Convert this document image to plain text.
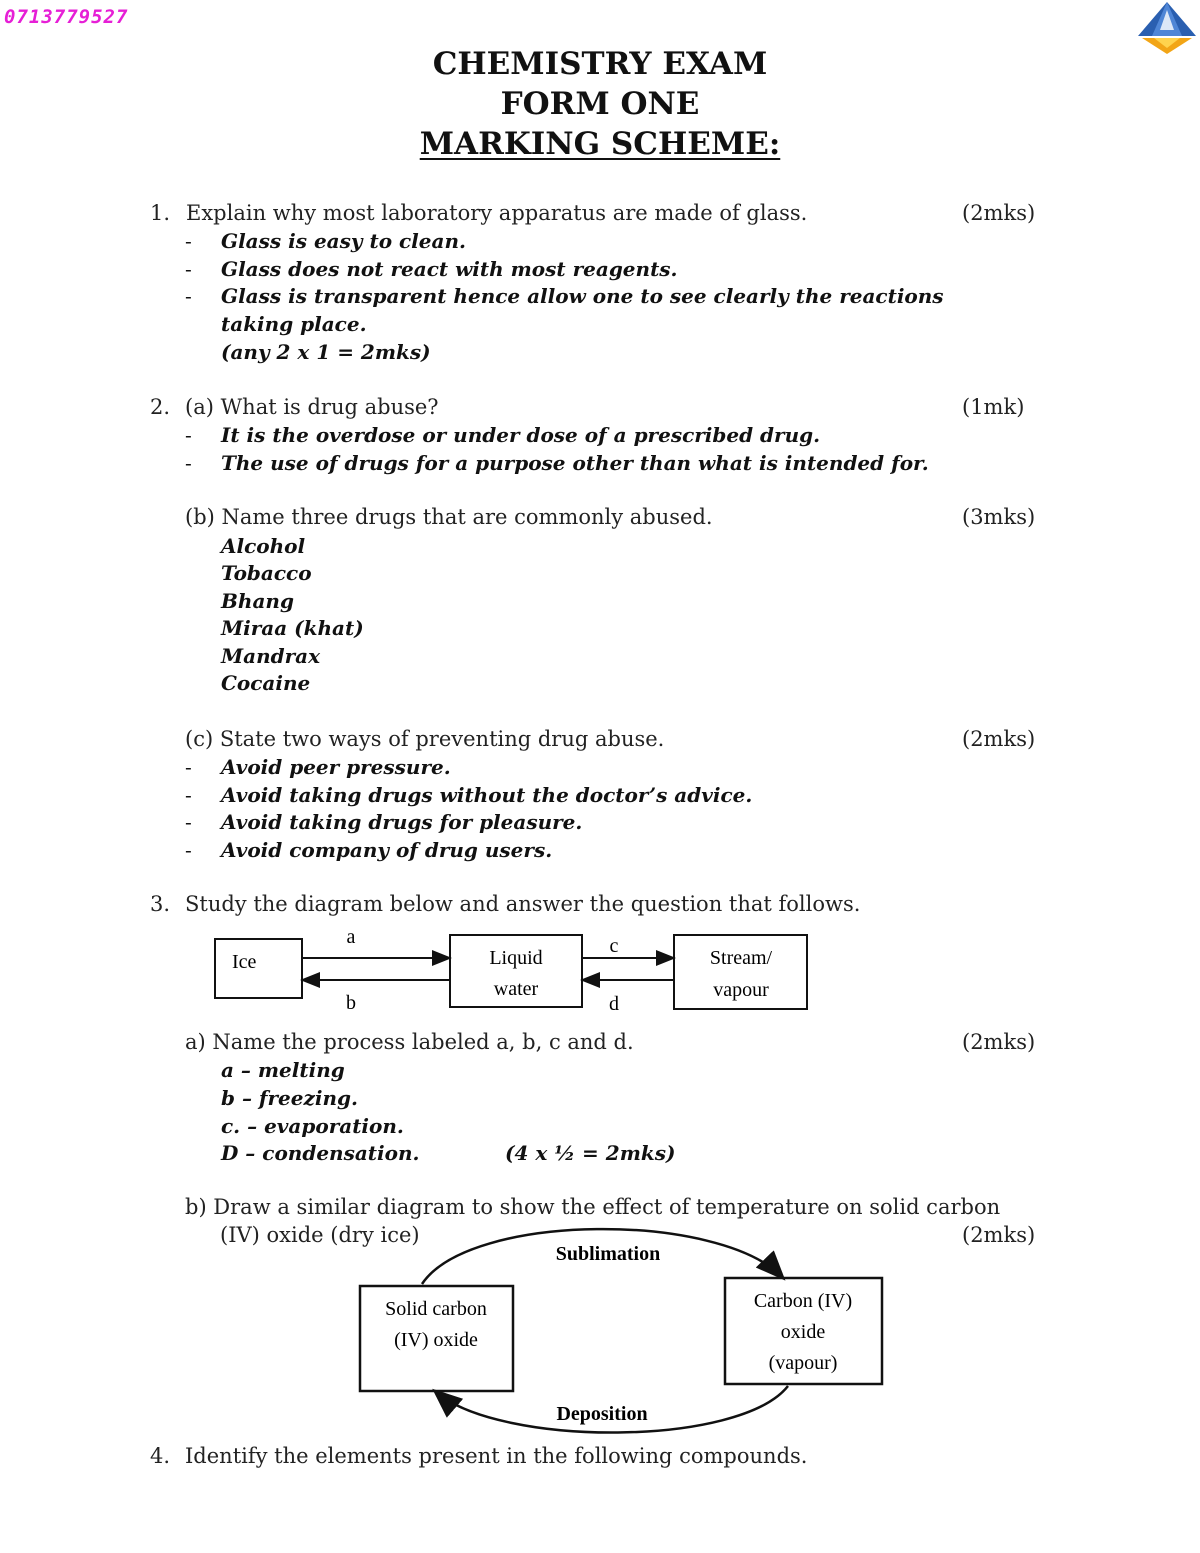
0713779527
CHEMISTRY EXAM
FORM ONE
MARKING SCHEME:
1. Explain why most laboratory apparatus are made of glass.	(2mks)
- Glass is easy to clean.
- Glass does not react with most reagents.
- Glass is transparent hence allow one to see clearly the reactions
taking place.
(any 2 x 1 = 2mks)
2. (a) What is drug abuse?	(1mk)
- It is the overdose or under dose of a prescribed drug.
- The use of drugs for a purpose other than what is intended for.
(b) Name three drugs that are commonly abused.	(3mks)
Alcohol
Tobacco
Bhang
Miraa (khat)
Mandrax
Cocaine
(c) State two ways of preventing drug abuse.	(2mks)
- Avoid peer pressure.
- Avoid taking drugs without the doctor’s advice.
- Avoid taking drugs for pleasure.
- Avoid company of drug users.
3. Study the diagram below and answer the question that follows.
Ice	Liquid
water
Stream/
vapour
a
b
c
d
a) Name the process labeled a, b, c and d.	(2mks)
a – melting
b – freezing.
c. – evaporation.
D – condensation.	(4 x ½ = 2mks)
b) Draw a similar diagram to show the effect of temperature on solid carbon
(IV) oxide (dry ice)	(2mks)
Solid carbon
(IV) oxide
Carbon (IV)
oxide
(vapour)
Sublimation
Deposition
4. Identify the elements present in the following compounds.
